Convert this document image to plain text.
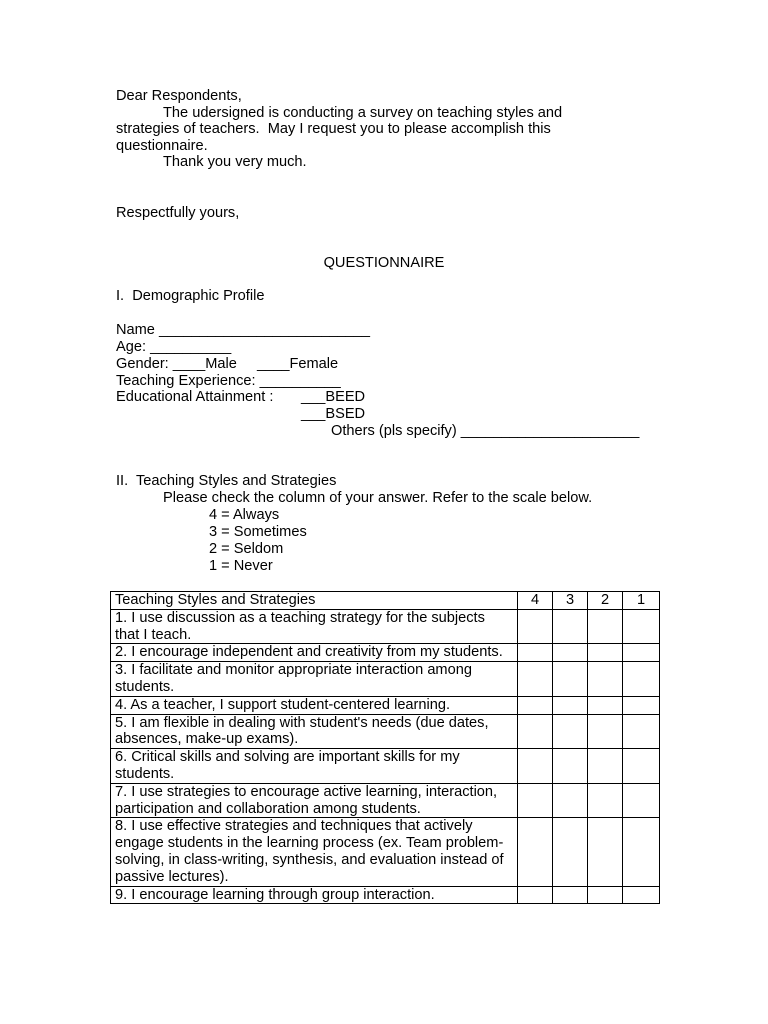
Dear Respondents,
The udersigned is conducting a survey on teaching styles and
strategies of teachers.  May I request you to please accomplish this
questionnaire.
Thank you very much.
Respectfully yours,
QUESTIONNAIRE
I.  Demographic Profile
Name __________________________
Age: __________
Gender: ____Male ____Female
Teaching Experience: __________
Educational Attainment : ___BEED
___BSED
Others (pls specify) ______________________
II.  Teaching Styles and Strategies
Please check the column of your answer. Refer to the scale below.
4 = Always
3 = Sometimes
2 = Seldom
1 = Never
Teaching Styles and Strategies	4	3	2	1
1. I use discussion as a teaching strategy for the subjects that I teach.				
2. I encourage independent and creativity from my students.				
3. I facilitate and monitor appropriate interaction among students.				
4. As a teacher, I support student-centered learning.				
5. I am flexible in dealing with student's needs (due dates, absences, make-up exams).				
6. Critical skills and solving are important skills for my students.				
7. I use strategies to encourage active learning, interaction, participation and collaboration among students.				
8. I use effective strategies and techniques that actively engage students in the learning process (ex. Team problem-solving, in class-writing, synthesis, and evaluation instead of passive lectures).				
9. I encourage learning through group interaction.				
